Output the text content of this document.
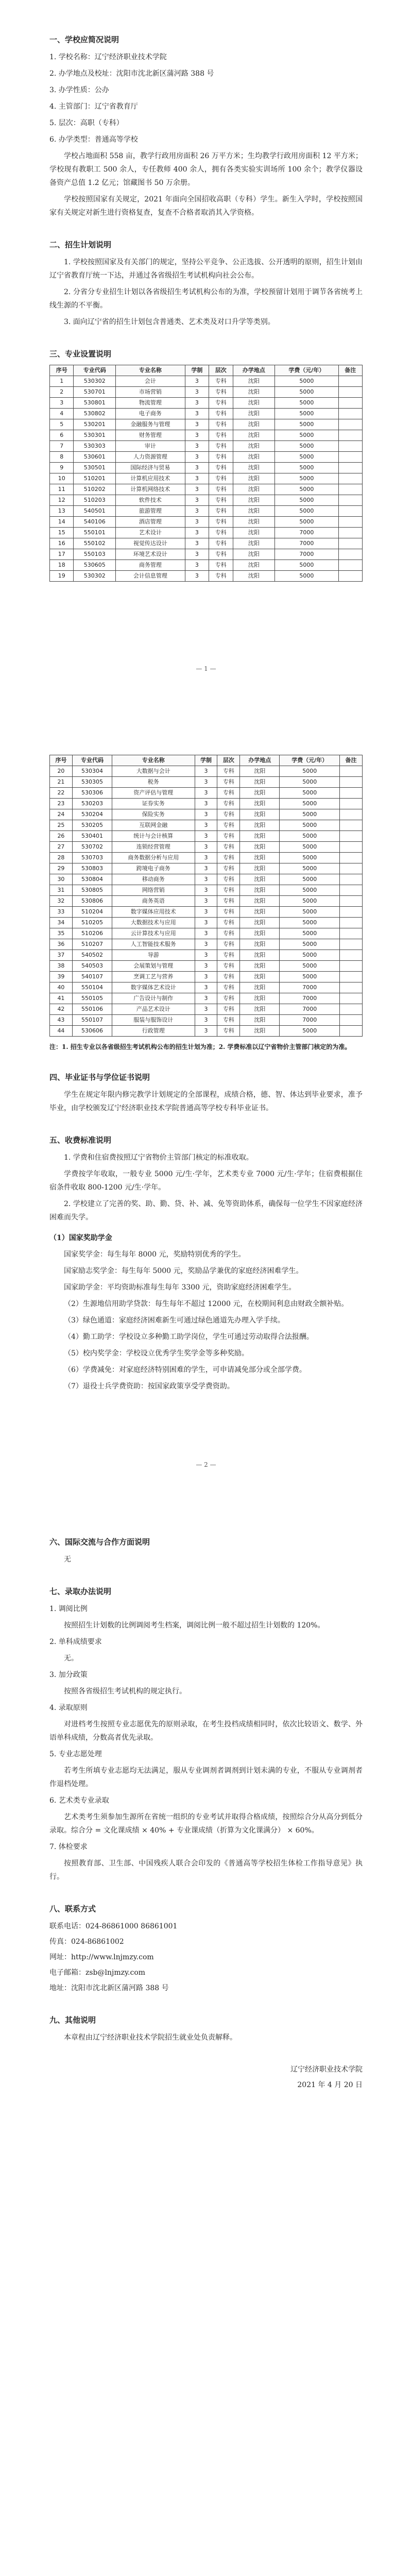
一、学校应简况说明
1. 学校名称：辽宁经济职业技术学院
2. 办学地点及校址：沈阳市沈北新区蒲河路 388 号
3. 办学性质：公办
4. 主管部门：辽宁省教育厅
5. 层次：高职（专科）
6. 办学类型：普通高等学校
学校占地面积 558 亩，教学行政用房面积 26 万平方米；生均教学行政用房面积 12 平方米；学校现有教职工 500 余人，专任教师 400 余人，拥有各类实验实训场所 100 余个；教学仪器设备资产总值 1.2 亿元；馆藏图书 50 万余册。
学校按照国家有关规定，2021 年面向全国招收高职（专科）学生。新生入学时，学校按照国家有关规定对新生进行资格复查，复查不合格者取消其入学资格。
二、招生计划说明
1. 学校按照国家及有关部门的规定，坚持公平竞争、公正选拔、公开透明的原则，招生计划由辽宁省教育厅统一下达，并通过各省级招生考试机构向社会公布。
2. 分省分专业招生计划以各省级招生考试机构公布的为准，学校预留计划用于调节各省统考上线生源的不平衡。
3. 面向辽宁省的招生计划包含普通类、艺术类及对口升学等类别。
三、专业设置说明
序号	专业代码	专业名称	学制	层次	办学地点	学费（元/年）	备注
1	530302	会计	3	专科	沈阳	5000	
2	530701	市场营销	3	专科	沈阳	5000	
3	530801	物流管理	3	专科	沈阳	5000	
4	530802	电子商务	3	专科	沈阳	5000	
5	530201	金融服务与管理	3	专科	沈阳	5000	
6	530301	财务管理	3	专科	沈阳	5000	
7	530303	审计	3	专科	沈阳	5000	
8	530601	人力资源管理	3	专科	沈阳	5000	
9	530501	国际经济与贸易	3	专科	沈阳	5000	
10	510201	计算机应用技术	3	专科	沈阳	5000	
11	510202	计算机网络技术	3	专科	沈阳	5000	
12	510203	软件技术	3	专科	沈阳	5000	
13	540501	旅游管理	3	专科	沈阳	5000	
14	540106	酒店管理	3	专科	沈阳	5000	
15	550101	艺术设计	3	专科	沈阳	7000	
16	550102	视觉传达设计	3	专科	沈阳	7000	
17	550103	环境艺术设计	3	专科	沈阳	7000	
18	530605	商务管理	3	专科	沈阳	5000	
19	530302	会计信息管理	3	专科	沈阳	5000	
— 1 —
序号	专业代码	专业名称	学制	层次	办学地点	学费（元/年）	备注
20	530304	大数据与会计	3	专科	沈阳	5000	
21	530305	税务	3	专科	沈阳	5000	
22	530306	资产评估与管理	3	专科	沈阳	5000	
23	530203	证券实务	3	专科	沈阳	5000	
24	530204	保险实务	3	专科	沈阳	5000	
25	530205	互联网金融	3	专科	沈阳	5000	
26	530401	统计与会计核算	3	专科	沈阳	5000	
27	530702	连锁经营管理	3	专科	沈阳	5000	
28	530703	商务数据分析与应用	3	专科	沈阳	5000	
29	530803	跨境电子商务	3	专科	沈阳	5000	
30	530804	移动商务	3	专科	沈阳	5000	
31	530805	网络营销	3	专科	沈阳	5000	
32	530806	商务英语	3	专科	沈阳	5000	
33	510204	数字媒体应用技术	3	专科	沈阳	5000	
34	510205	大数据技术与应用	3	专科	沈阳	5000	
35	510206	云计算技术与应用	3	专科	沈阳	5000	
36	510207	人工智能技术服务	3	专科	沈阳	5000	
37	540502	导游	3	专科	沈阳	5000	
38	540503	会展策划与管理	3	专科	沈阳	5000	
39	540107	烹调工艺与营养	3	专科	沈阳	5000	
40	550104	数字媒体艺术设计	3	专科	沈阳	7000	
41	550105	广告设计与制作	3	专科	沈阳	7000	
42	550106	产品艺术设计	3	专科	沈阳	7000	
43	550107	服装与服饰设计	3	专科	沈阳	7000	
44	530606	行政管理	3	专科	沈阳	5000	
注：1. 招生专业以各省级招生考试机构公布的招生计划为准；2. 学费标准以辽宁省物价主管部门核定的为准。
四、毕业证书与学位证书说明
学生在规定年限内修完教学计划规定的全部课程，成绩合格，德、智、体达到毕业要求，准予毕业，由学校颁发辽宁经济职业技术学院普通高等学校专科毕业证书。
五、收费标准说明
1. 学费和住宿费按照辽宁省物价主管部门核定的标准收取。
学费按学年收取，一般专业 5000 元/生·学年，艺术类专业 7000 元/生·学年；住宿费根据住宿条件收取 800-1200 元/生·学年。
2. 学校建立了完善的奖、助、勤、贷、补、减、免等资助体系，确保每一位学生不因家庭经济困难而失学。
（1）国家奖助学金
国家奖学金：每生每年 8000 元，奖励特别优秀的学生。
国家励志奖学金：每生每年 5000 元，奖励品学兼优的家庭经济困难学生。
国家助学金：平均资助标准每生每年 3300 元，资助家庭经济困难学生。
（2）生源地信用助学贷款：每生每年不超过 12000 元，在校期间利息由财政全额补贴。
（3）绿色通道：家庭经济困难新生可通过绿色通道先办理入学手续。
（4）勤工助学：学校设立多种勤工助学岗位，学生可通过劳动取得合法报酬。
（5）校内奖学金：学校设立优秀学生奖学金等多种奖励。
（6）学费减免：对家庭经济特别困难的学生，可申请减免部分或全部学费。
（7）退役士兵学费资助：按国家政策享受学费资助。
— 2 —
六、国际交流与合作方面说明
无
七、录取办法说明
1. 调阅比例
按照招生计划数的比例调阅考生档案，调阅比例一般不超过招生计划数的 120%。
2. 单科成绩要求
无。
3. 加分政策
按照各省级招生考试机构的规定执行。
4. 录取原则
对进档考生按照专业志愿优先的原则录取，在考生投档成绩相同时，依次比较语文、数学、外语单科成绩，分数高者优先录取。
5. 专业志愿处理
若考生所填专业志愿均无法满足，服从专业调剂者调剂到计划未满的专业，不服从专业调剂者作退档处理。
6. 艺术类专业录取
艺术类考生须参加生源所在省统一组织的专业考试并取得合格成绩，按照综合分从高分到低分录取。综合分 = 文化课成绩 × 40% + 专业课成绩（折算为文化课满分） × 60%。
7. 体检要求
按照教育部、卫生部、中国残疾人联合会印发的《普通高等学校招生体检工作指导意见》执行。
八、联系方式
联系电话：024-86861000 86861001
传真：024-86861002
网址：http://www.lnjmzy.com
电子邮箱：zsb@lnjmzy.com
地址：沈阳市沈北新区蒲河路 388 号
九、其他说明
本章程由辽宁经济职业技术学院招生就业处负责解释。
辽宁经济职业技术学院
2021 年 4 月 20 日
